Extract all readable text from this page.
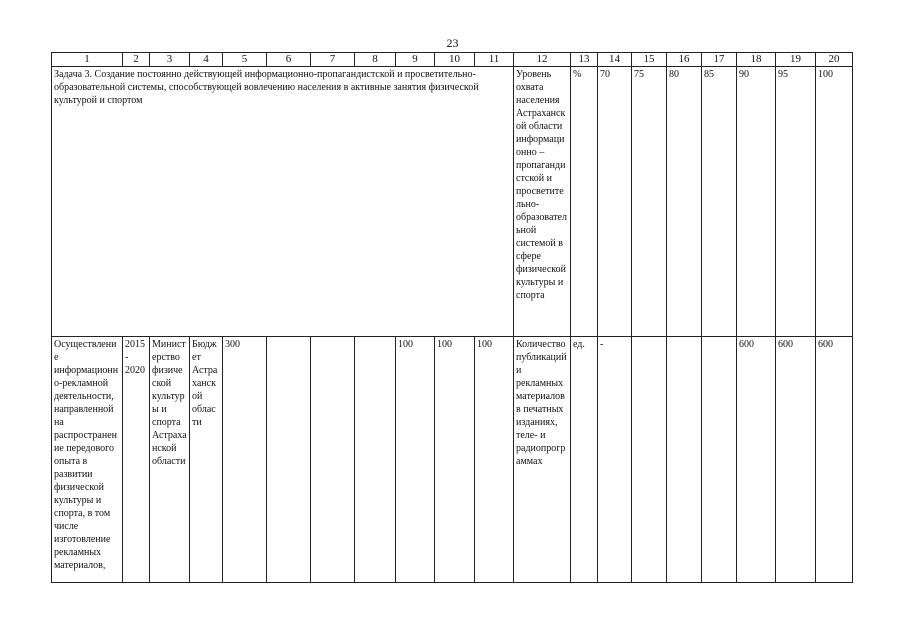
23
1	2	3	4	5	6	7	8	9	10	11	12	13	14	15	16	17	18	19	20
Задача 3. Создание постоянно действующей информационно-пропагандистской и просветительно-образовательной системы, способствующей вовлечению населения в активные занятия физической культурой и спортом											Уровень охвата населения Астраханской области информационно – пропагандистской и просветительно-образовательной системой в сфере физической культуры и спорта	%	70	75	80	85	90	95	100
Осуществление информационно-рекламной деятельности, направленной на распространение передового опыта в развитии физической культуры и спорта, в том числе изготовление рекламных материалов,	2015 - 2020	Министерство физической культуры и спорта Астраханской области	Бюджет Астраханской области	300				100	100	100	Количество публикаций и рекламных материалов в печатных изданиях, теле- и радиопрограммах	ед.	-				600	600	600
